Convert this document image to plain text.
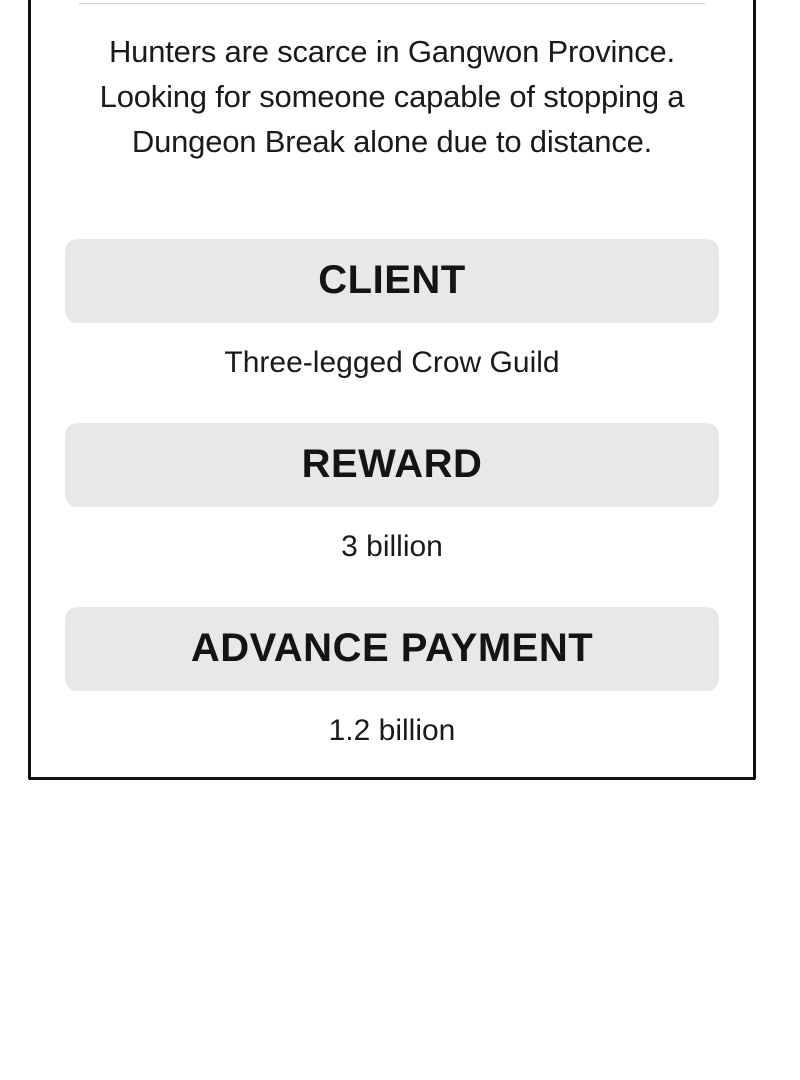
Hunters are scarce in Gangwon Province. Looking for someone capable of stopping a Dungeon Break alone due to distance.
CLIENT
Three-legged Crow Guild
REWARD
3 billion
ADVANCE PAYMENT
1.2 billion
